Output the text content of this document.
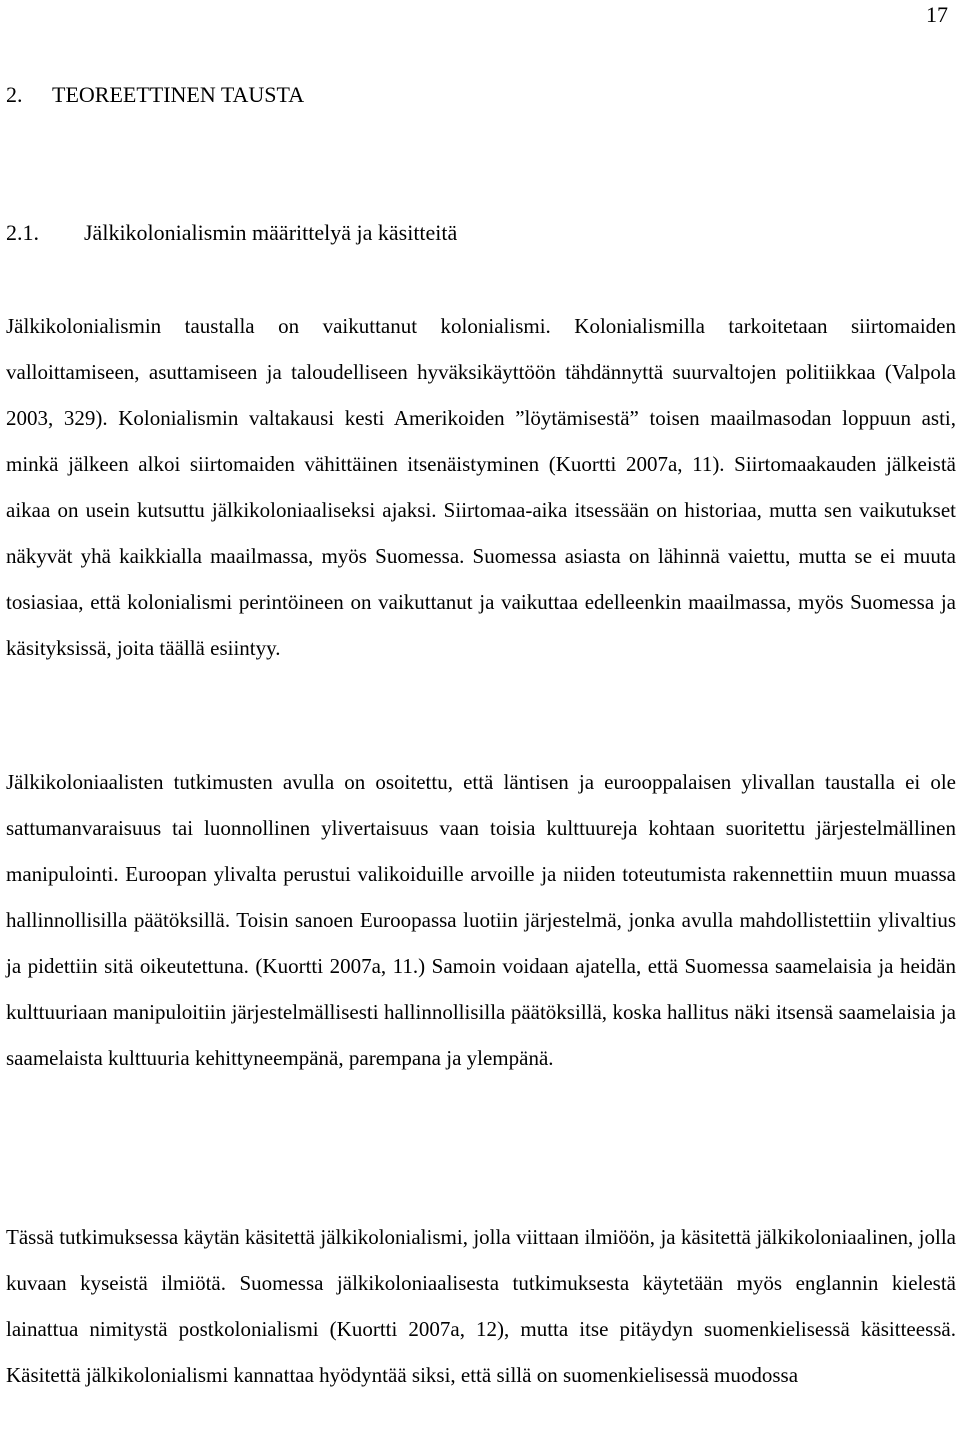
17
2. TEOREETTINEN TAUSTA
2.1. Jälkikolonialismin määrittelyä ja käsitteitä

Jälkikolonialismin taustalla on vaikuttanut kolonialismi. Kolonialismilla tarkoitetaan siirtomaiden valloittamiseen, asuttamiseen ja taloudelliseen hyväksikäyttöön tähdännyttä suurvaltojen politiikkaa (Valpola 2003, 329). Kolonialismin valtakausi kesti Amerikoiden ”löytämisestä” toisen maailmasodan loppuun asti, minkä jälkeen alkoi siirtomaiden vähittäinen itsenäistyminen (Kuortti 2007a, 11). Siirtomaakauden jälkeistä aikaa on usein kutsuttu jälkikoloniaaliseksi ajaksi. Siirtomaa-aika itsessään on historiaa, mutta sen vaikutukset näkyvät yhä kaikkialla maailmassa, myös Suomessa. Suomessa asiasta on lähinnä vaiettu, mutta se ei muuta tosiasiaa, että kolonialismi perintöineen on vaikuttanut ja vaikuttaa edelleenkin maailmassa, myös Suomessa ja käsityksissä, joita täällä esiintyy.

Jälkikoloniaalisten tutkimusten avulla on osoitettu, että läntisen ja eurooppalaisen ylivallan taustalla ei ole sattumanvaraisuus tai luonnollinen ylivertaisuus vaan toisia kulttuureja kohtaan suoritettu järjestelmällinen manipulointi. Euroopan ylivalta perustui valikoiduille arvoille ja niiden toteutumista rakennettiin muun muassa hallinnollisilla päätöksillä. Toisin sanoen Euroopassa luotiin järjestelmä, jonka avulla mahdollistettiin ylivaltius ja pidettiin sitä oikeutettuna. (Kuortti 2007a, 11.) Samoin voidaan ajatella, että Suomessa saamelaisia ja heidän kulttuuriaan manipuloitiin järjestelmällisesti hallinnollisilla päätöksillä, koska hallitus näki itsensä saamelaisia ja saamelaista kulttuuria kehittyneempänä, parempana ja ylempänä.

Tässä tutkimuksessa käytän käsitettä jälkikolonialismi, jolla viittaan ilmiöön, ja käsitettä jälkikoloniaalinen, jolla kuvaan kyseistä ilmiötä. Suomessa jälkikoloniaalisesta tutkimuksesta käytetään myös englannin kielestä lainattua nimitystä postkolonialismi (Kuortti 2007a, 12), mutta itse pitäydyn suomenkielisessä käsitteessä. Käsitettä jälkikolonialismi kannattaa hyödyntää siksi, että sillä on suomenkielisessä muodossa
